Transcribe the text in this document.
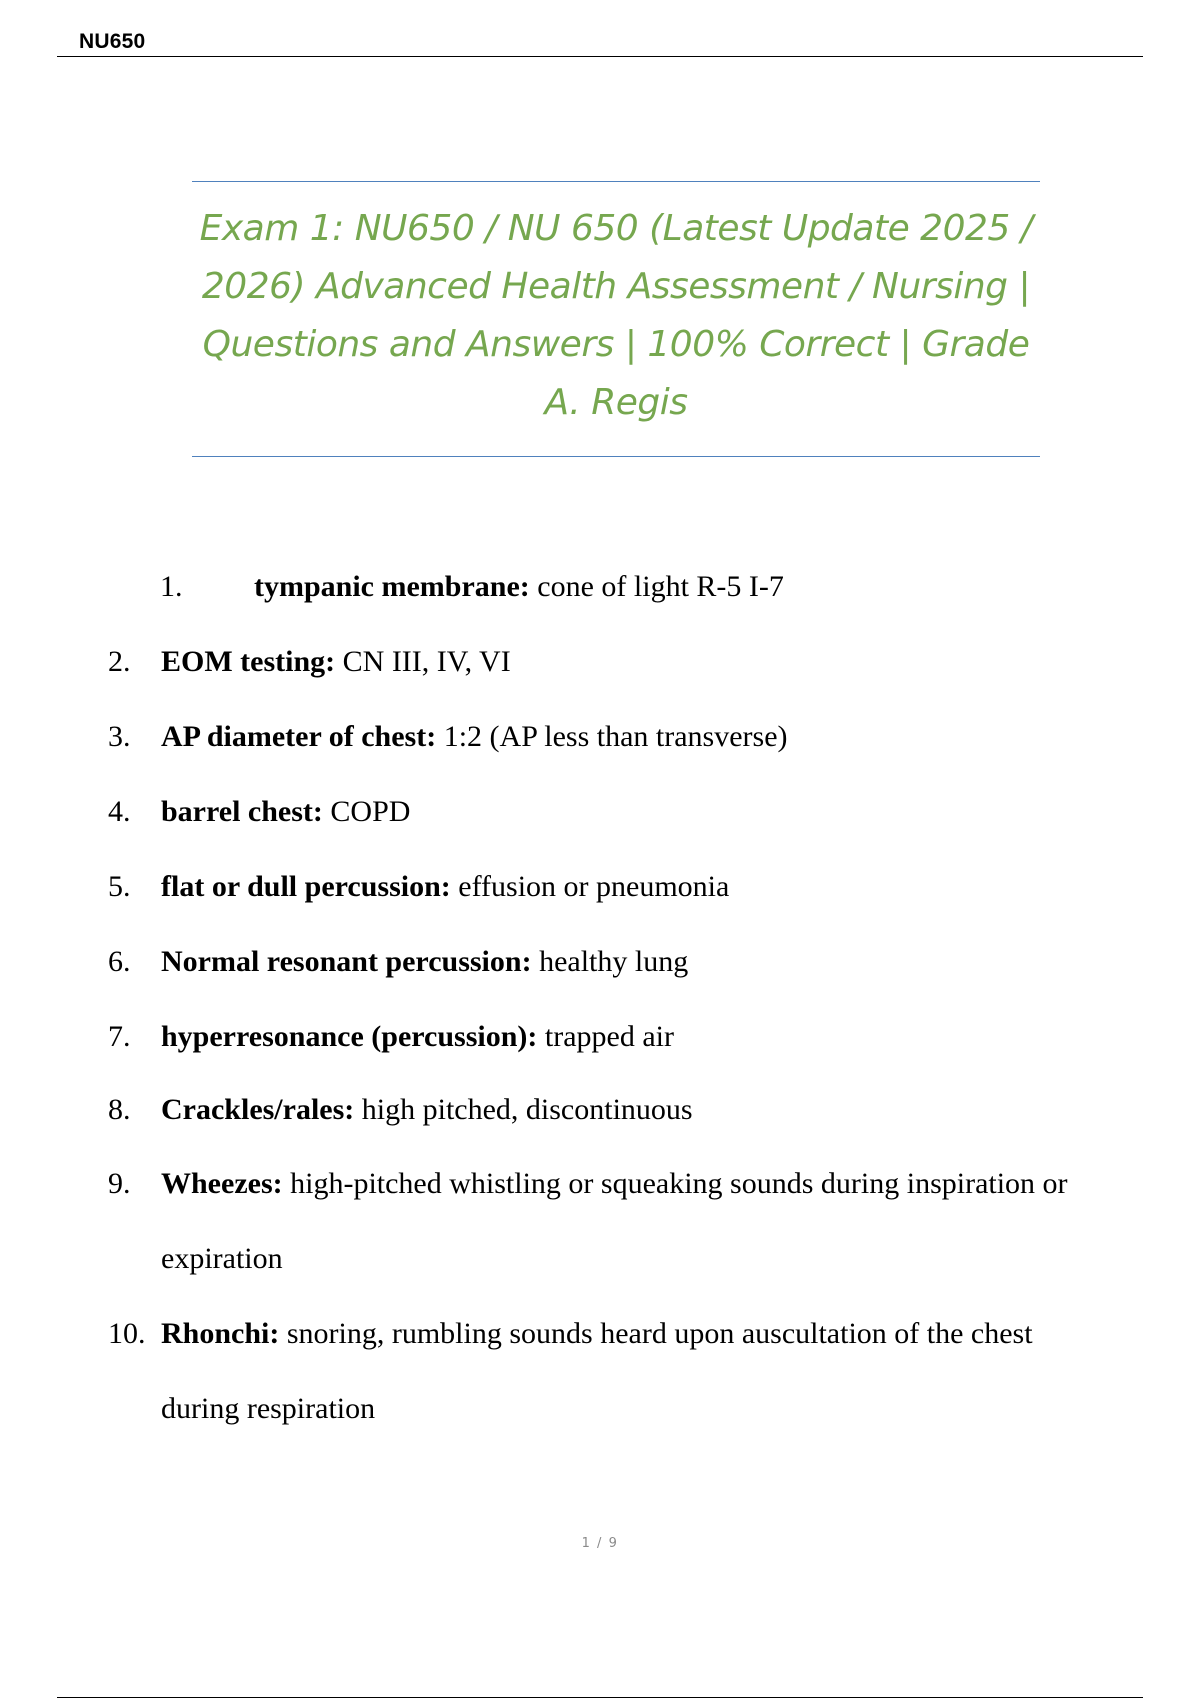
NU650
Exam 1: NU650 / NU 650 (Latest Update 2025 / 2026) Advanced Health Assessment / Nursing | Questions and Answers | 100% Correct | Grade A. Regis
1. tympanic membrane: cone of light R-5 I-7
2. EOM testing: CN III, IV, VI
3. AP diameter of chest: 1:2 (AP less than transverse)
4. barrel chest: COPD
5. flat or dull percussion: effusion or pneumonia
6. Normal resonant percussion: healthy lung
7. hyperresonance (percussion): trapped air
8. Crackles/rales: high pitched, discontinuous
9. Wheezes: high-pitched whistling or squeaking sounds during inspiration or expiration
10. Rhonchi: snoring, rumbling sounds heard upon auscultation of the chest during respiration
1 / 9
